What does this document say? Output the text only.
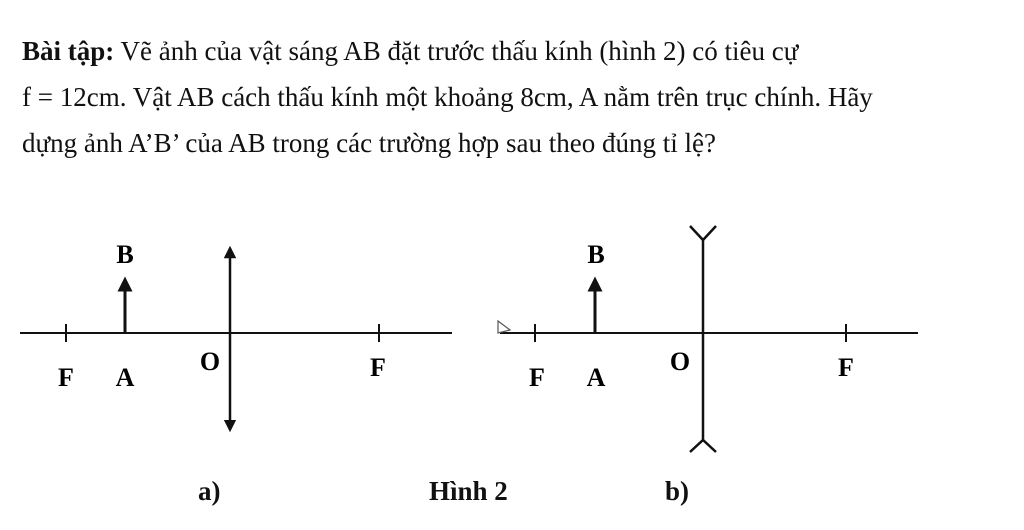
Bài tập: Vẽ ảnh của vật sáng AB đặt trước thấu kính (hình 2) có tiêu cự
f = 12cm. Vật AB cách thấu kính một khoảng 8cm, A nằm trên trục chính. Hãy
dựng ảnh A’B’ của AB trong các trường hợp sau theo đúng tỉ lệ?
B
F A
O	F
B
F A
O	F
a)	Hình 2	b)
